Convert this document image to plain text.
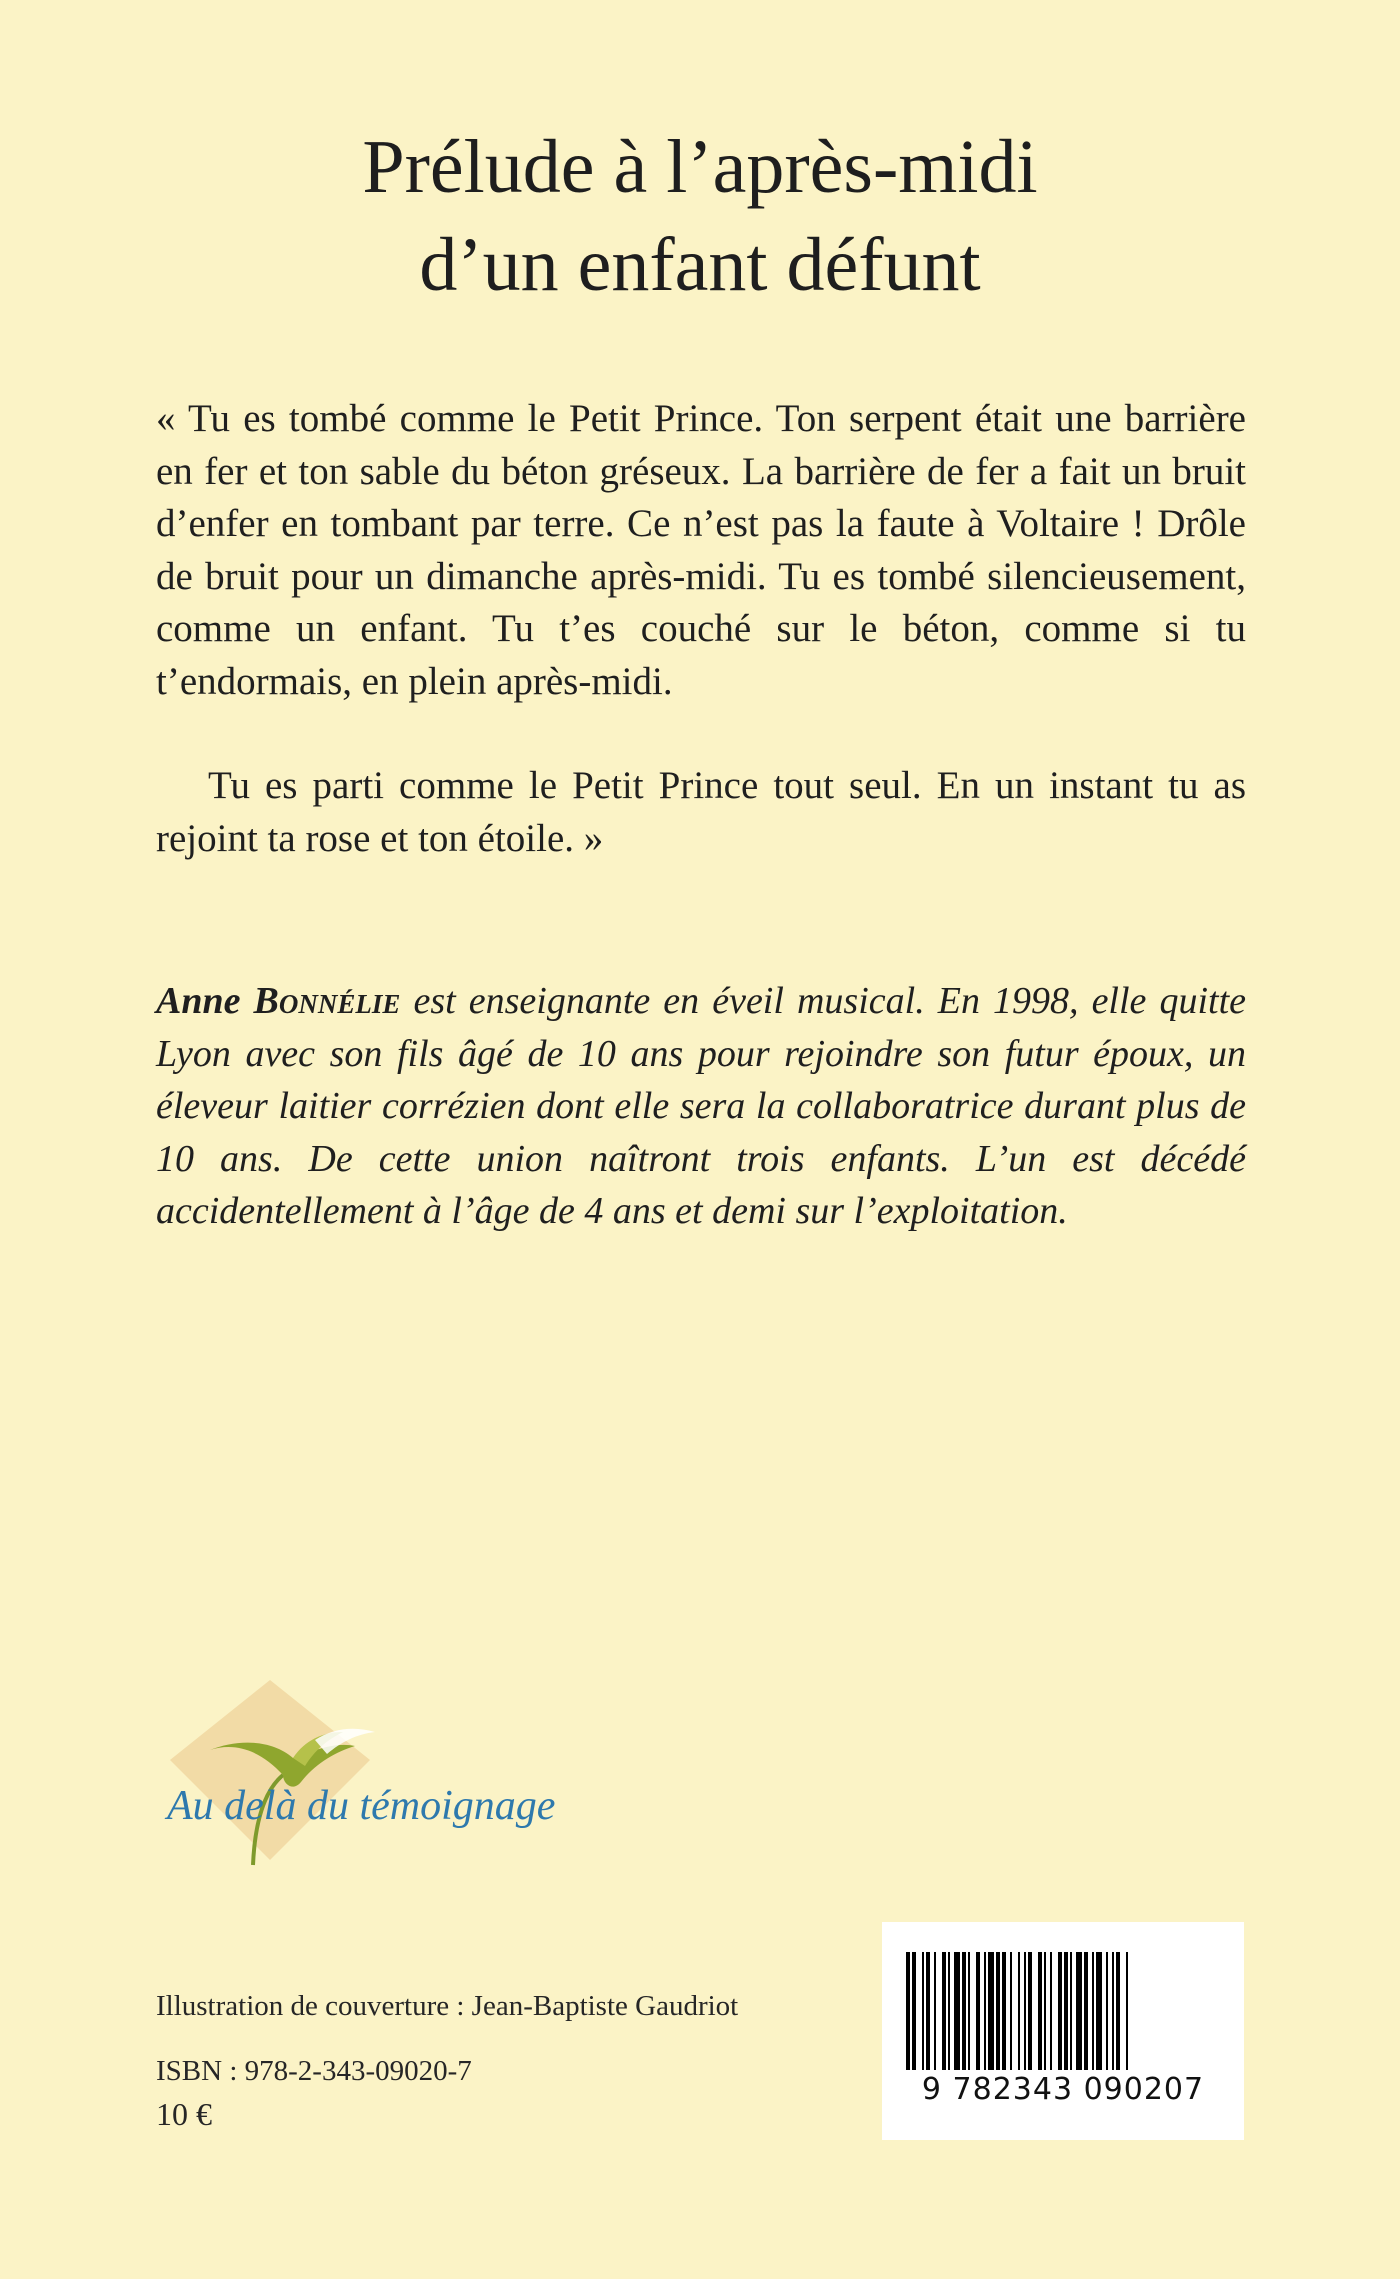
Prélude à l’après-midi
d’un enfant défunt

« Tu es tombé comme le Petit Prince. Ton serpent était une barrière en fer et ton sable du béton gréseux. La barrière de fer a fait un bruit d’enfer en tombant par terre. Ce n’est pas la faute à Voltaire ! Drôle de bruit pour un dimanche après-midi. Tu es tombé silencieusement, comme un enfant. Tu t’es couché sur le béton, comme si tu t’endormais, en plein après-midi.

Tu es parti comme le Petit Prince tout seul. En un instant tu as rejoint ta rose et ton étoile. »

Anne Bonnélie est enseignante en éveil musical. En 1998, elle quitte Lyon avec son fils âgé de 10 ans pour rejoindre son futur époux, un éleveur laitier corrézien dont elle sera la collaboratrice durant plus de 10 ans. De cette union naîtront trois enfants. L’un est décédé accidentellement à l’âge de 4 ans et demi sur l’exploitation.

Au delà du témoignage
Illustration de couverture : Jean-Baptiste Gaudriot
ISBN : 978-2-343-09020-7
10 €
9 782343 090207
